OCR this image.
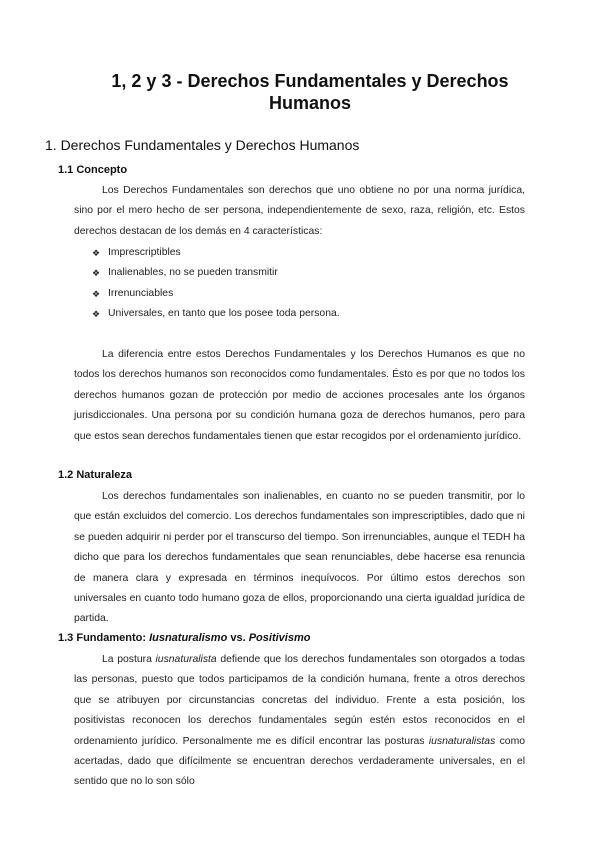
1, 2 y 3 - Derechos Fundamentales y Derechos Humanos
1. Derechos Fundamentales y Derechos Humanos
1.1 Concepto

Los Derechos Fundamentales son derechos que uno obtiene no por una norma jurídica, sino por el mero hecho de ser persona, independientemente de sexo, raza, religión, etc. Estos derechos destacan de los demás en 4 características:

❖ Imprescriptibles
❖ Inalienables, no se pueden transmitir
❖ Irrenunciables
❖ Universales, en tanto que los posee toda persona.

La diferencia entre estos Derechos Fundamentales y los Derechos Humanos es que no todos los derechos humanos son reconocidos como fundamentales. Ésto es por que no todos los derechos humanos gozan de protección por medio de acciones procesales ante los órganos jurisdiccionales. Una persona por su condición humana goza de derechos humanos, pero para que estos sean derechos fundamentales tienen que estar recogidos por el ordenamiento jurídico.

1.2 Naturaleza

Los derechos fundamentales son inalienables, en cuanto no se pueden transmitir, por lo que están excluidos del comercio. Los derechos fundamentales son imprescriptibles, dado que ni se pueden adquirir ni perder por el transcurso del tiempo. Son irrenunciables, aunque el TEDH ha dicho que para los derechos fundamentales que sean renunciables, debe hacerse esa renuncia de manera clara y expresada en términos inequívocos. Por último estos derechos son universales en cuanto todo humano goza de ellos, proporcionando una cierta igualdad jurídica de partida.

1.3 Fundamento: Iusnaturalismo vs. Positivismo

La postura iusnaturalista defiende que los derechos fundamentales son otorgados a todas las personas, puesto que todos participamos de la condición humana, frente a otros derechos que se atribuyen por circunstancias concretas del individuo. Frente a esta posición, los positivistas reconocen los derechos fundamentales según estén estos reconocidos en el ordenamiento jurídico. Personalmente me es difícil encontrar las posturas iusnaturalistas como acertadas, dado que difícilmente se encuentran derechos verdaderamente universales, en el sentido que no lo son sólo
